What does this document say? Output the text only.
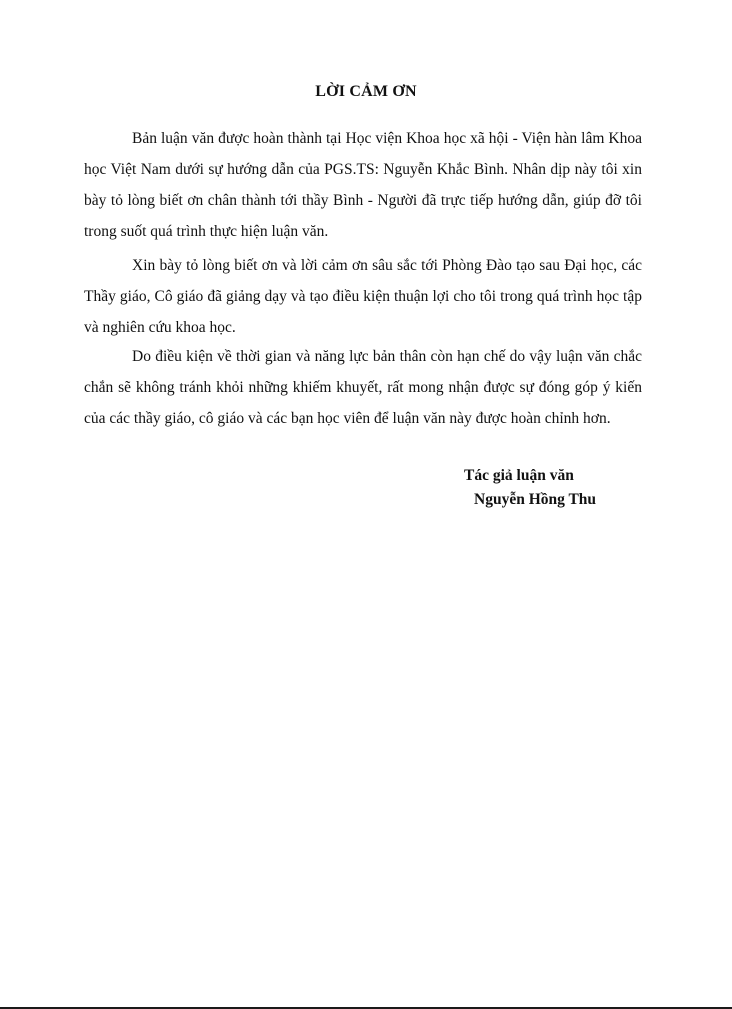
LỜI CẢM ƠN

Bản luận văn được hoàn thành tại Học viện Khoa học xã hội - Viện hàn lâm Khoa học Việt Nam dưới sự hướng dẫn của PGS.TS: Nguyễn Khắc Bình. Nhân dịp này tôi xin bày tỏ lòng biết ơn chân thành tới thầy Bình - Người đã trực tiếp hướng dẫn, giúp đỡ tôi trong suốt quá trình thực hiện luận văn.

Xin bày tỏ lòng biết ơn và lời cảm ơn sâu sắc tới Phòng Đào tạo sau Đại học, các Thầy giáo, Cô giáo đã giảng dạy và tạo điều kiện thuận lợi cho tôi trong quá trình học tập và nghiên cứu khoa học.

Do điều kiện về thời gian và năng lực bản thân còn hạn chế do vậy luận văn chắc chắn sẽ không tránh khỏi những khiếm khuyết, rất mong nhận được sự đóng góp ý kiến của các thầy giáo, cô giáo và các bạn học viên để luận văn này được hoàn chỉnh hơn.

Tác giả luận văn
Nguyễn Hồng Thu
